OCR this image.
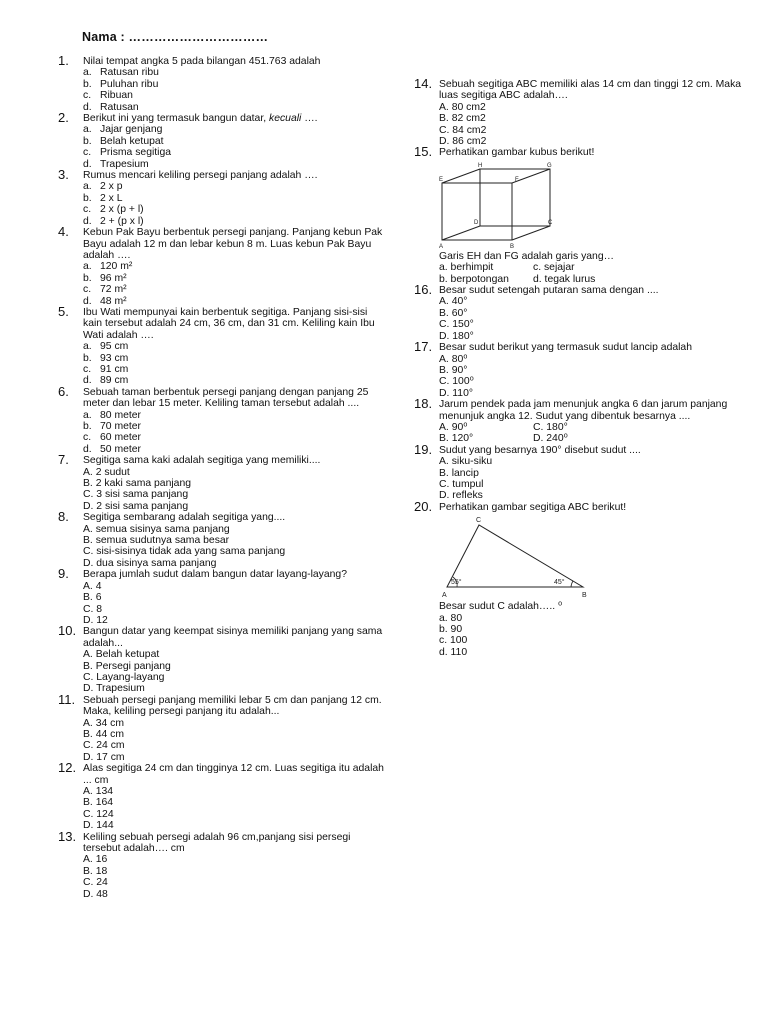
Nama : ……………………………
1. Nilai tempat angka 5 pada bilangan 451.763 adalah
a. Ratusan ribu
b. Puluhan ribu
c. Ribuan
d. Ratusan
2. Berikut ini yang termasuk bangun datar, kecuali ….
a. Jajar genjang
b. Belah ketupat
c. Prisma segitiga
d. Trapesium
3. Rumus mencari keliling persegi panjang adalah ….
a. 2 x p
b. 2 x L
c. 2 x (p + l)
d. 2 + (p x l)
4. Kebun Pak Bayu berbentuk persegi panjang. Panjang kebun Pak Bayu adalah 12 m dan lebar kebun 8 m. Luas kebun Pak Bayu adalah ….
a. 120 m²
b. 96 m²
c. 72 m²
d. 48 m²
5. Ibu Wati mempunyai kain berbentuk segitiga. Panjang sisi-sisi kain tersebut adalah 24 cm, 36 cm, dan 31 cm. Keliling kain Ibu Wati adalah ….
a. 95 cm
b. 93 cm
c. 91 cm
d. 89 cm
6. Sebuah taman berbentuk persegi panjang dengan panjang 25 meter dan lebar 15 meter. Keliling taman tersebut adalah ....
a. 80 meter
b. 70 meter
c. 60 meter
d. 50 meter
7. Segitiga sama kaki adalah segitiga yang memiliki....
A. 2 sudut
B. 2 kaki sama panjang
C. 3 sisi sama panjang
D. 2 sisi sama panjang
8. Segitiga sembarang adalah segitiga yang....
A. semua sisinya sama panjang
B. semua sudutnya sama besar
C. sisi-sisinya tidak ada yang sama panjang
D. dua sisinya sama panjang
9. Berapa jumlah sudut dalam bangun datar layang-layang?
A. 4
B. 6
C. 8
D. 12
10. Bangun datar yang keempat sisinya memiliki panjang yang sama adalah...
A. Belah ketupat
B. Persegi panjang
C. Layang-layang
D. Trapesium
11. Sebuah persegi panjang memiliki lebar 5 cm dan panjang 12 cm. Maka, keliling persegi panjang itu adalah...
A. 34 cm
B. 44 cm
C. 24 cm
D. 17 cm
12. Alas segitiga 24 cm dan tingginya 12 cm. Luas segitiga itu adalah ... cm
A. 134
B. 164
C. 124
D. 144
13. Keliling sebuah persegi adalah 96 cm,panjang sisi persegi tersebut adalah…. cm
A. 16
B. 18
C. 24
D. 48
14. Sebuah segitiga ABC memiliki alas 14 cm dan tinggi 12 cm. Maka luas segitiga ABC adalah….
A. 80 cm2
B. 82 cm2
C. 84 cm2
D. 86 cm2
15. Perhatikan gambar kubus berikut!
H	G
E	F
D	C
A	B
Garis EH dan FG adalah garis yang…
a. berhimpit	c. sejajar
b. berpotongan	d. tegak lurus
16. Besar sudut setengah putaran sama dengan ....
A. 40°
B. 60°
C. 150°
D. 180°
17. Besar sudut berikut yang termasuk sudut lancip adalah
A. 80⁰
B. 90°
C. 100⁰
D. 110°
18. Jarum pendek pada jam menunjuk angka 6 dan jarum panjang menunjuk angka 12. Sudut yang dibentuk besarnya ....
A. 90⁰	C. 180°
B. 120°	D. 240⁰
19. Sudut yang besarnya 190° disebut sudut ....
A. siku-siku
B. lancip
C. tumpul
D. refleks
20. Perhatikan gambar segitiga ABC berikut!
C
A	B
55°	45°
Besar sudut C adalah….. ⁰
a. 80
b. 90
c. 100
d. 110
